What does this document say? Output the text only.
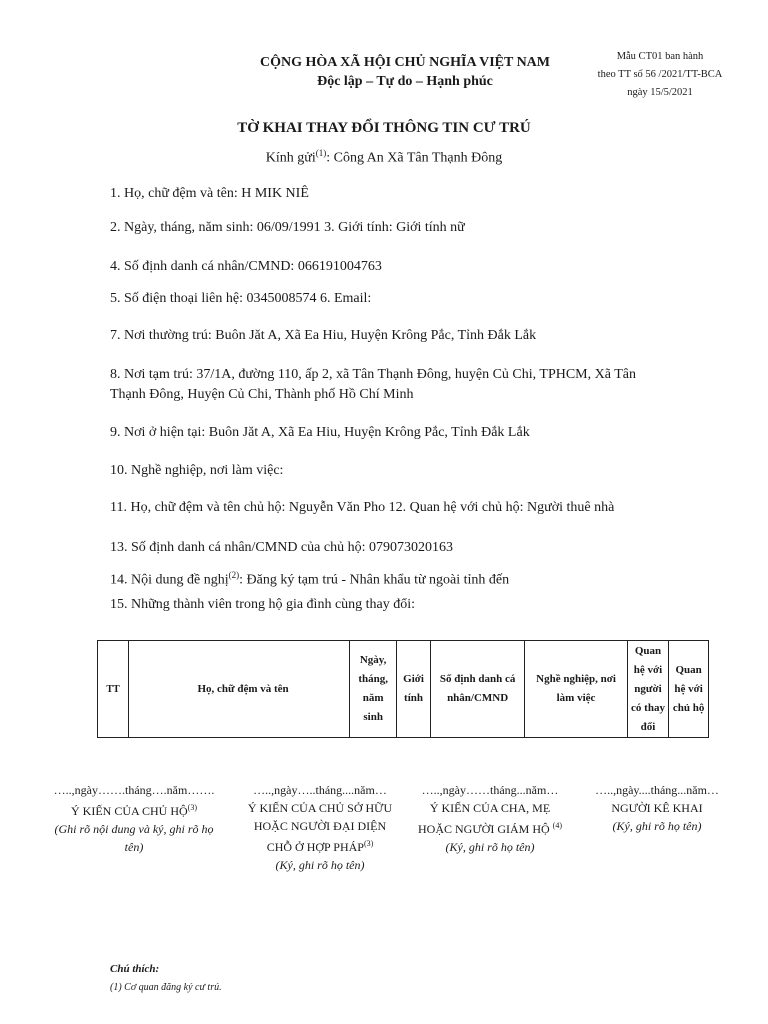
CỘNG HÒA XÃ HỘI CHỦ NGHĨA VIỆT NAM
Độc lập – Tự do – Hạnh phúc
Mẫu CT01 ban hành
theo TT số 56 /2021/TT-BCA
ngày 15/5/2021
TỜ KHAI THAY ĐỔI THÔNG TIN CƯ TRÚ
Kính gửi$^{(1)}$: Công An Xã Tân Thạnh Đông
1. Họ, chữ đệm và tên: H MIK NIÊ
2. Ngày, tháng, năm sinh: 06/09/1991 3. Giới tính: Giới tính nữ
4. Số định danh cá nhân/CMND: 066191004763
5. Số điện thoại liên hệ: 0345008574 6. Email:
7. Nơi thường trú: Buôn Jăt A, Xã Ea Hiu, Huyện Krông Pắc, Tỉnh Đắk Lắk
8. Nơi tạm trú: 37/1A, đường 110, ấp 2, xã Tân Thạnh Đông, huyện Củ Chi, TPHCM, Xã Tân
Thạnh Đông, Huyện Củ Chi, Thành phố Hồ Chí Minh
9. Nơi ở hiện tại: Buôn Jăt A, Xã Ea Hiu, Huyện Krông Pắc, Tỉnh Đắk Lắk
10. Nghề nghiệp, nơi làm việc:
11. Họ, chữ đệm và tên chủ hộ: Nguyễn Văn Pho 12. Quan hệ với chủ hộ: Người thuê nhà
13. Số định danh cá nhân/CMND của chủ hộ: 079073020163
14. Nội dung đề nghị$^{(2)}$: Đăng ký tạm trú - Nhân khẩu từ ngoài tỉnh đến
15. Những thành viên trong hộ gia đình cùng thay đổi:
TT	Họ, chữ đệm và tên	Ngày, tháng, năm sinh	Giới tính	Số định danh cá nhân/CMND	Nghề nghiệp, nơi làm việc	Quan hệ với người có thay đổi	Quan hệ với chủ hộ
…..,ngày…….tháng….năm…….
Ý KIẾN CỦA CHỦ HỘ$^{(3)}$
(Ghi rõ nội dung và ký, ghi rõ họ tên)
…..,ngày…..tháng....năm…
Ý KIẾN CỦA CHỦ SỞ HỮU
HOẶC NGƯỜI ĐẠI DIỆN
CHỖ Ở HỢP PHÁP$^{(3)}$
(Ký, ghi rõ họ tên)
…..,ngày……tháng...năm…
Ý KIẾN CỦA CHA, MẸ
HOẶC NGƯỜI GIÁM HỘ $^{(4)}$
(Ký, ghi rõ họ tên)
…..,ngày....tháng...năm…
NGƯỜI KÊ KHAI
(Ký, ghi rõ họ tên)
Chú thích:
(1) Cơ quan đăng ký cư trú.
